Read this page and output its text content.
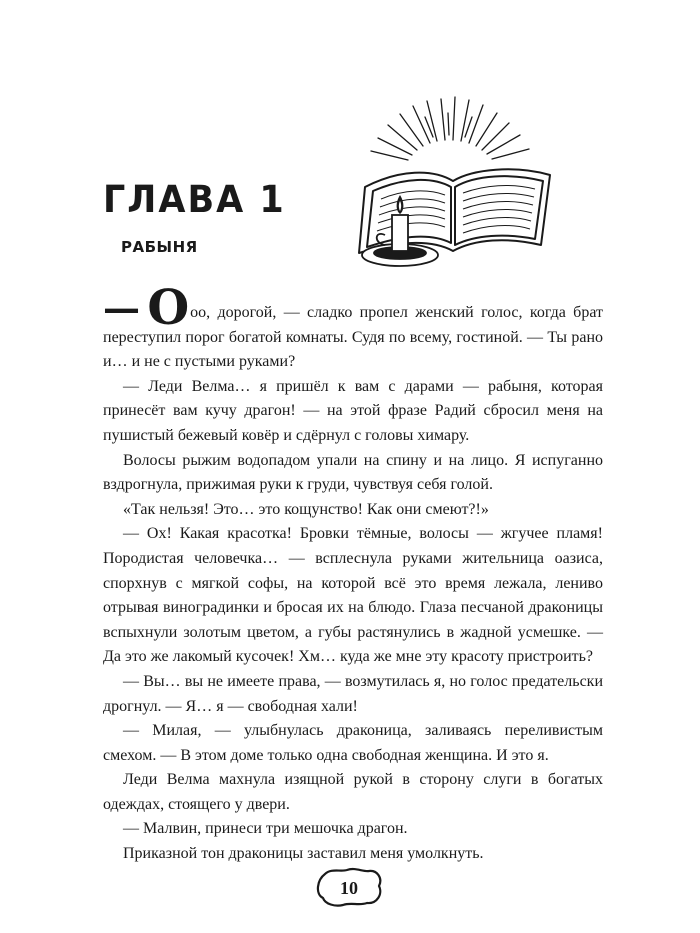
ГЛАВА 1
РАБЫНЯ

— Ооо, дорогой, — сладко пропел женский голос, когда брат переступил порог богатой комнаты. Судя по всему, гостиной. — Ты рано и… и не с пустыми руками?

— Леди Велма… я пришёл к вам с дарами — рабыня, которая принесёт вам кучу драгон! — на этой фразе Радий сбросил меня на пушистый бежевый ковёр и сдёрнул с головы химару.

Волосы рыжим водопадом упали на спину и на лицо. Я испуганно вздрогнула, прижимая руки к груди, чувствуя себя голой.

«Так нельзя! Это… это кощунство! Как они смеют?!»

— Ох! Какая красотка! Бровки тёмные, волосы — жгучее пламя! Породистая человечка… — всплеснула руками жительница оазиса, спорхнув с мягкой софы, на которой всё это время лежала, лениво отрывая виноградинки и бросая их на блюдо. Глаза песчаной драконицы вспыхнули золотым цветом, а губы растянулись в жадной усмешке. — Да это же лакомый кусочек! Хм… куда же мне эту красоту пристроить?

— Вы… вы не имеете права, — возмутилась я, но голос предательски дрогнул. — Я… я — свободная хали!

— Милая, — улыбнулась драконица, заливаясь переливистым смехом. — В этом доме только одна свободная женщина. И это я.

Леди Велма махнула изящной рукой в сторону слуги в богатых одеждах, стоящего у двери.

— Малвин, принеси три мешочка драгон.

Приказной тон драконицы заставил меня умолкнуть.

10
